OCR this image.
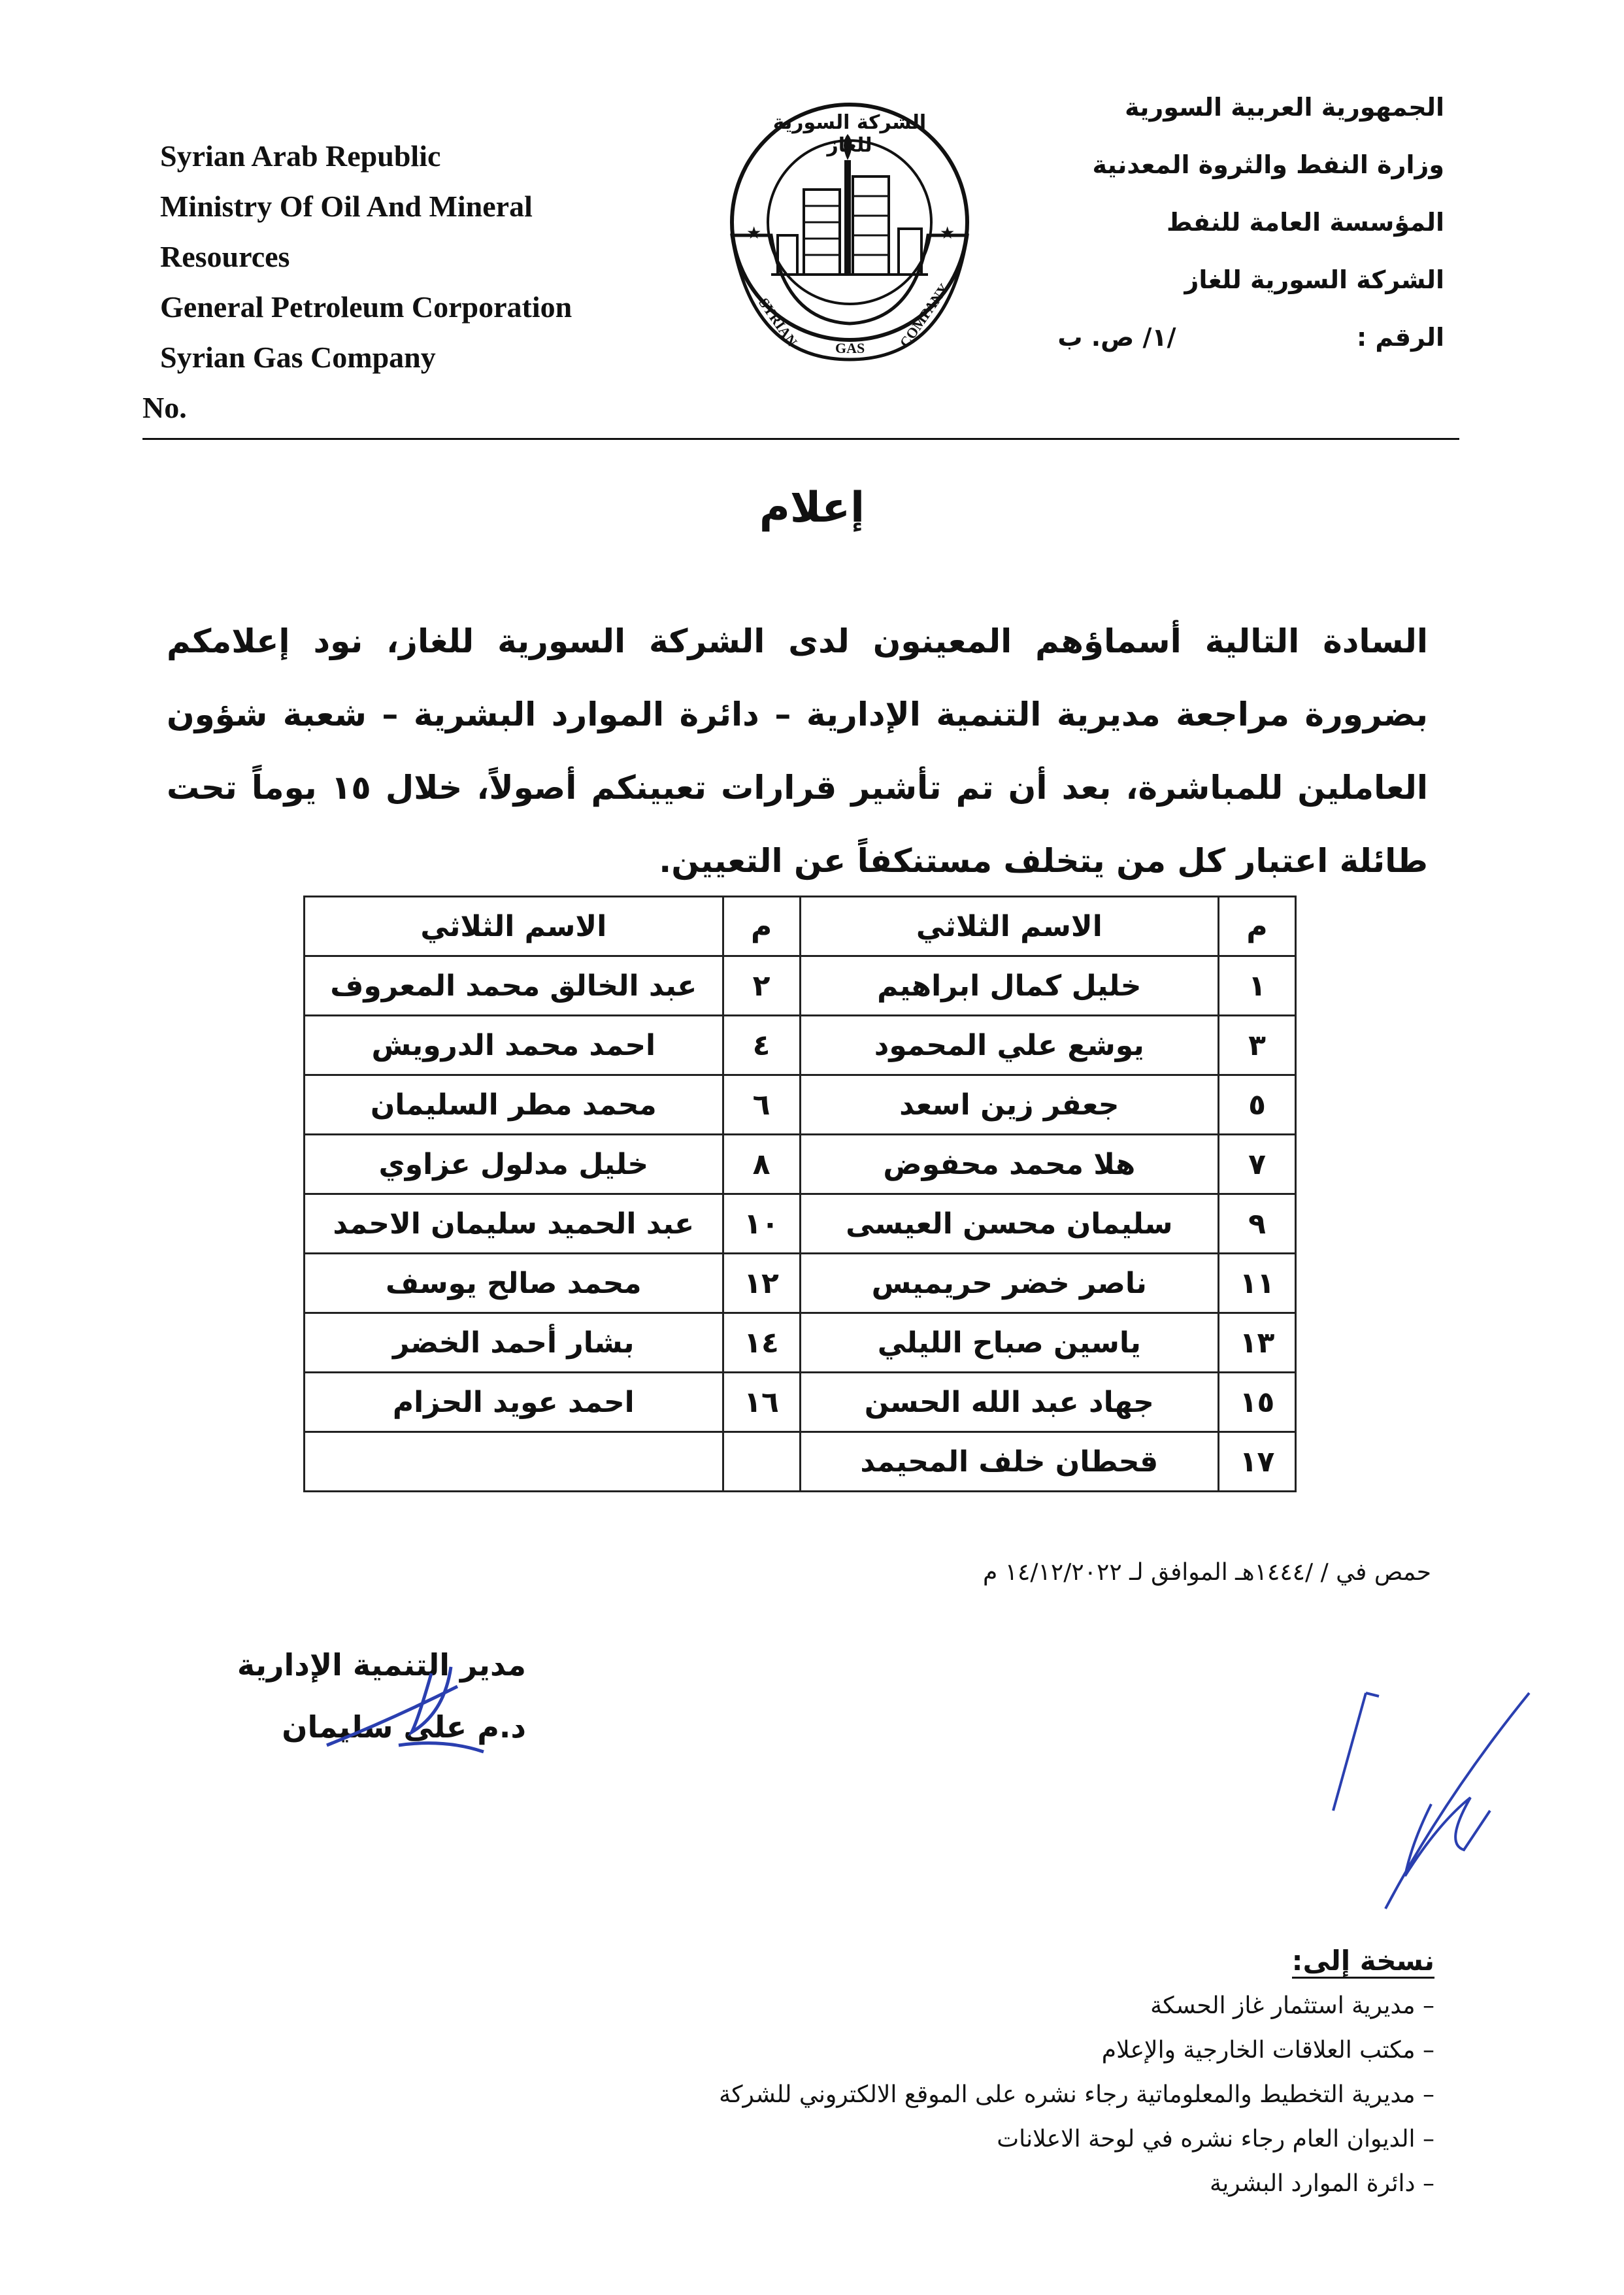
Syrian Arab Republic
Ministry Of Oil And Mineral
Resources
General Petroleum Corporation
Syrian Gas Company
No.
★	★
الشركة السورية للغاز
SYRIAN GAS COMPANY
الجمهورية العربية السورية
وزارة النفط والثروة المعدنية
المؤسسة العامة للنفط
الشركة السورية للغاز
الرقم :  /١/ ص. ب
إعلام
السادة التالية أسماؤهم المعينون لدى الشركة السورية للغاز، نود إعلامكم بضرورة مراجعة مديرية التنمية الإدارية – دائرة الموارد البشرية – شعبة شؤون العاملين للمباشرة، بعد أن تم تأشير قرارات تعيينكم أصولاً، خلال ١٥ يوماً تحت طائلة اعتبار كل من يتخلف مستنكفاً عن التعيين.
م	الاسم الثلاثي	م	الاسم الثلاثي
١	خليل كمال ابراهيم	٢	عبد الخالق محمد المعروف
٣	يوشع علي المحمود	٤	احمد محمد الدرويش
٥	جعفر زين اسعد	٦	محمد مطر السليمان
٧	هلا محمد محفوض	٨	خليل مدلول عزاوي
٩	سليمان محسن العيسى	١٠	عبد الحميد سليمان الاحمد
١١	ناصر خضر حريميس	١٢	محمد صالح يوسف
١٣	ياسين صباح الليلي	١٤	بشار أحمد الخضر
١٥	جهاد عبد الله الحسن	١٦	احمد عويد الحزام
١٧	قحطان خلف المحيمد		
حمص في / /١٤٤٤هـ الموافق لـ ١٤/١٢/٢٠٢٢ م
مدير التنمية الإدارية
د.م علي سليمان
نسخة إلى:
– مديرية استثمار غاز الحسكة
– مكتب العلاقات الخارجية والإعلام
– مديرية التخطيط والمعلوماتية رجاء نشره على الموقع الالكتروني للشركة
– الديوان العام رجاء نشره في لوحة الاعلانات
– دائرة الموارد البشرية
